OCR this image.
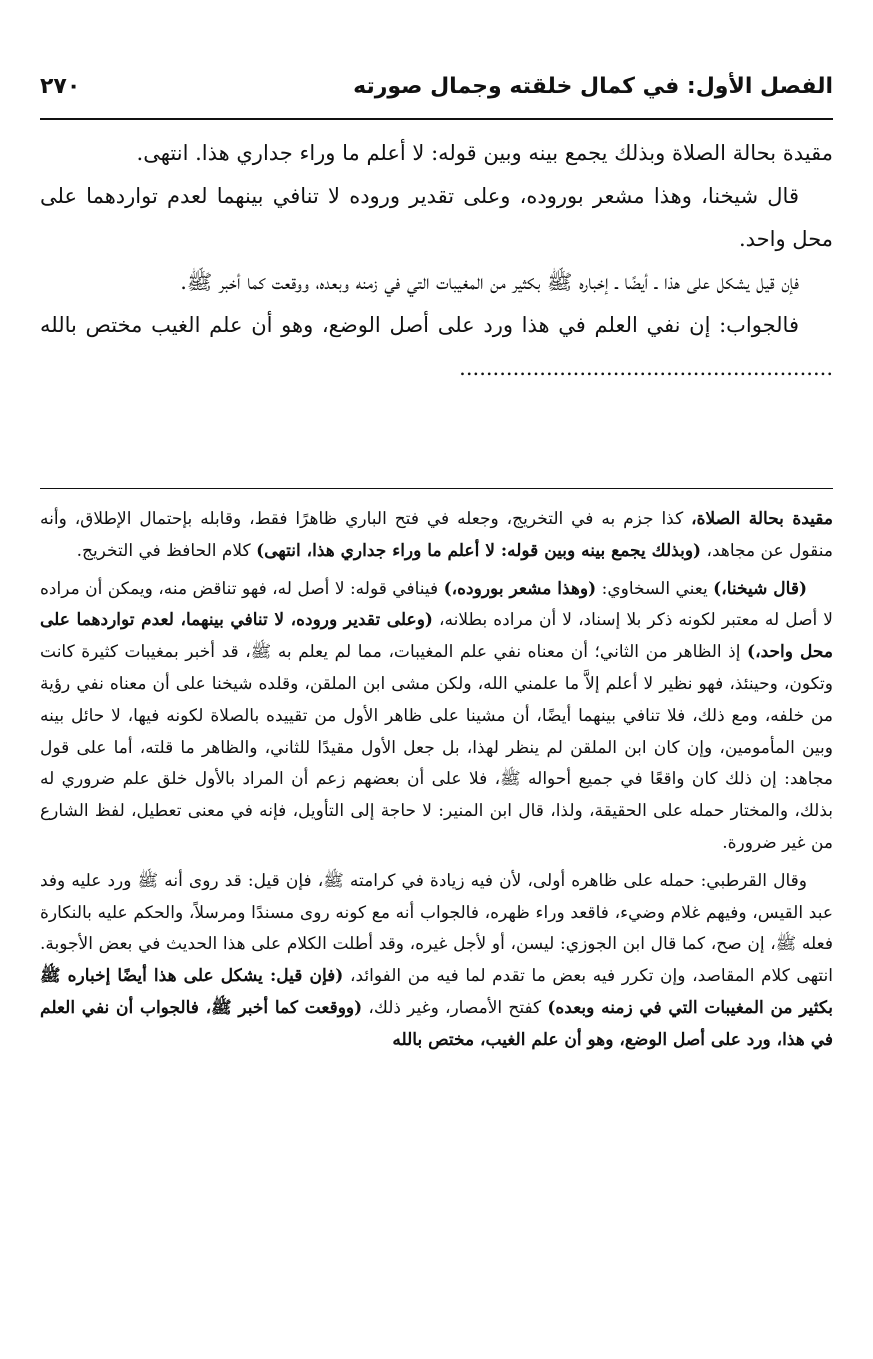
الفصل الأول: في كمال خلقته وجمال صورته
٢٧٠

مقيدة بحالة الصلاة وبذلك يجمع بينه وبين قوله: لا أعلم ما وراء جداري هذا. انتهى.

قال شيخنا، وهذا مشعر بوروده، وعلى تقدير وروده لا تنافي بينهما لعدم تواردهما على محل واحد.

فإن قيل يشكل على هذا ـ أيضًا ـ إخباره ﷺ بكثير من المغيبات التي في زمنه وبعده، ووقعت كما أخبر ﷺ.

فالجواب: إن نفي العلم في هذا ورد على أصل الوضع، وهو أن علم الغيب مختص بالله ........................................................

مقيدة بحالة الصلاة، كذا جزم به في التخريج، وجعله في فتح الباري ظاهرًا فقط، وقابله بإحتمال الإطلاق، وأنه منقول عن مجاهد، (وبذلك يجمع بينه وبين قوله: لا أعلم ما وراء جداري هذا، انتهى) كلام الحافظ في التخريج.

(قال شيخنا،) يعني السخاوي: (وهذا مشعر بوروده،) فينافي قوله: لا أصل له، فهو تناقض منه، ويمكن أن مراده لا أصل له معتبر لكونه ذكر بلا إسناد، لا أن مراده بطلانه، (وعلى تقدير وروده، لا تنافي بينهما، لعدم تواردهما على محل واحد،) إذ الظاهر من الثاني؛ أن معناه نفي علم المغيبات، مما لم يعلم به ﷺ، قد أخبر بمغيبات كثيرة كانت وتكون، وحينئذ، فهو نظير لا أعلم إلاَّ ما علمني الله، ولكن مشى ابن الملقن، وقلده شيخنا على أن معناه نفي رؤية من خلفه، ومع ذلك، فلا تنافي بينهما أيضًا، أن مشينا على ظاهر الأول من تقييده بالصلاة لكونه فيها، لا حائل بينه وبين المأمومين، وإن كان ابن الملقن لم ينظر لهذا، بل جعل الأول مقيدًا للثاني، والظاهر ما قلته، أما على قول مجاهد: إن ذلك كان واقعًا في جميع أحواله ﷺ، فلا على أن بعضهم زعم أن المراد بالأول خلق علم ضروري له بذلك، والمختار حمله على الحقيقة، ولذا، قال ابن المنير: لا حاجة إلى التأويل، فإنه في معنى تعطيل، لفظ الشارع من غير ضرورة.

وقال القرطبي: حمله على ظاهره أولى، لأن فيه زيادة في كرامته ﷺ، فإن قيل: قد روى أنه ﷺ ورد عليه وفد عبد القيس، وفيهم غلام وضيء، فاقعد وراء ظهره، فالجواب أنه مع كونه روى مسندًا ومرسلاً، والحكم عليه بالنكارة فعله ﷺ، إن صح، كما قال ابن الجوزي: ليسن، أو لأجل غيره، وقد أطلت الكلام على هذا الحديث في بعض الأجوبة. انتهى كلام المقاصد، وإن تكرر فيه بعض ما تقدم لما فيه من الفوائد، (فإن قيل: يشكل على هذا أيضًا إخباره ﷺ بكثير من المغيبات التي في زمنه وبعده) كفتح الأمصار، وغير ذلك، (ووقعت كما أخبر ﷺ، فالجواب أن نفي العلم في هذا، ورد على أصل الوضع، وهو أن علم الغيب، مختص بالله
